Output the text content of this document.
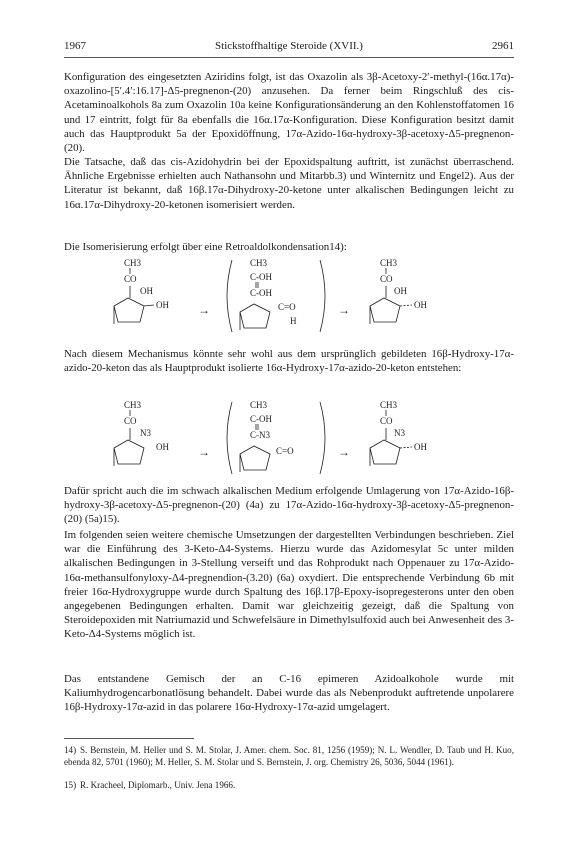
1967	Stickstoffhaltige Steroide (XVII.)	2961
Konfiguration des eingesetzten Aziridins folgt, ist das Oxazolin als 3β-Acetoxy-2′-methyl-(16α.17α)-oxazolino-[5′.4′:16.17]-Δ5-pregnenon-(20) anzusehen. Da ferner beim Ringschluß des cis-Acetaminoalkohols 8a zum Oxazolin 10a keine Konfigurationsänderung an den Kohlenstoffatomen 16 und 17 eintritt, folgt für 8a ebenfalls die 16α.17α-Konfiguration. Diese Konfiguration besitzt damit auch das Hauptprodukt 5a der Epoxidöffnung, 17α-Azido-16α-hydroxy-3β-acetoxy-Δ5-pregnenon-(20).
Die Tatsache, daß das cis-Azidohydrin bei der Epoxidspaltung auftritt, ist zunächst überraschend. Ähnliche Ergebnisse erhielten auch Nathansohn und Mitarbb.3) und Winternitz und Engel2). Aus der Literatur ist bekannt, daß 16β.17α-Dihydroxy-20-ketone unter alkalischen Bedingungen leicht zu 16α.17α-Dihydroxy-20-ketonen isomerisiert werden.
Die Isomerisierung erfolgt über eine Retroaldolkondensation14):
CH3
CO
OH
OH →
CH3
C-OH
C-OH
C=O
H
→
CH3
CO
OH
OH
Nach diesem Mechanismus könnte sehr wohl aus dem ursprünglich gebildeten 16β-Hydroxy-17α-azido-20-keton das als Hauptprodukt isolierte 16α-Hydroxy-17α-azido-20-keton entstehen:
CH3
CO
N3
OH →
CH3
C-OH
C-N3
C=O	→
CH3
CO
N3
OH
Dafür spricht auch die im schwach alkalischen Medium erfolgende Umlagerung von 17α-Azido-16β-hydroxy-3β-acetoxy-Δ5-pregnenon-(20) (4a) zu 17α-Azido-16α-hydroxy-3β-acetoxy-Δ5-pregnenon-(20) (5a)15).
Im folgenden seien weitere chemische Umsetzungen der dargestellten Verbindungen beschrieben. Ziel war die Einführung des 3-Keto-Δ4-Systems. Hierzu wurde das Azidomesylat 5c unter milden alkalischen Bedingungen in 3-Stellung verseift und das Rohprodukt nach Oppenauer zu 17α-Azido-16α-methansulfonyloxy-Δ4-pregnendion-(3.20) (6a) oxydiert. Die entsprechende Verbindung 6b mit freier 16α-Hydroxygruppe wurde durch Spaltung des 16β.17β-Epoxy-isopregesterons unter den oben angegebenen Bedingungen erhalten. Damit war gleichzeitig gezeigt, daß die Spaltung von Steroidepoxiden mit Natriumazid und Schwefelsäure in Dimethylsulfoxid auch bei Anwesenheit des 3-Keto-Δ4-Systems möglich ist.
Das entstandene Gemisch der an C-16 epimeren Azidoalkohole wurde mit Kaliumhydrogencarbonatlösung behandelt. Dabei wurde das als Nebenprodukt auftretende unpolarere 16β-Hydroxy-17α-azid in das polarere 16α-Hydroxy-17α-azid umgelagert.
14) S. Bernstein, M. Heller und S. M. Stolar, J. Amer. chem. Soc. 81, 1256 (1959); N. L. Wendler, D. Taub und H. Kuo, ebenda 82, 5701 (1960); M. Heller, S. M. Stolar und S. Bernstein, J. org. Chemistry 26, 5036, 5044 (1961).
15) R. Kracheel, Diplomarb., Univ. Jena 1966.
